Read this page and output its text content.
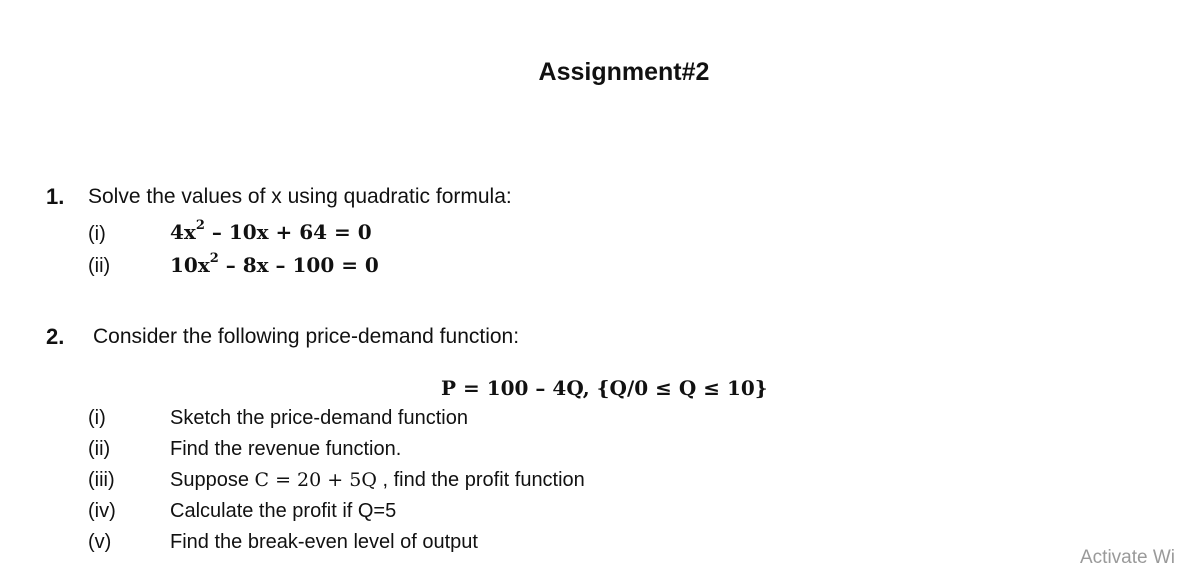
Assignment#2
1. Solve the values of x using quadratic formula:
(i)	$4x^2 - 10x + 64 = 0$
(ii)	$10x^2 - 8x - 100 = 0$
2. Consider the following price-demand function:
P = 100 – 4Q, {Q/0 ≤ Q ≤ 10}
(i)	Sketch the price-demand function
(ii)	Find the revenue function.
(iii)	Suppose C = 20 + 5Q , find the profit function
(iv)	Calculate the profit if Q=5
(v)	Find the break-even level of output
Activate Wi
